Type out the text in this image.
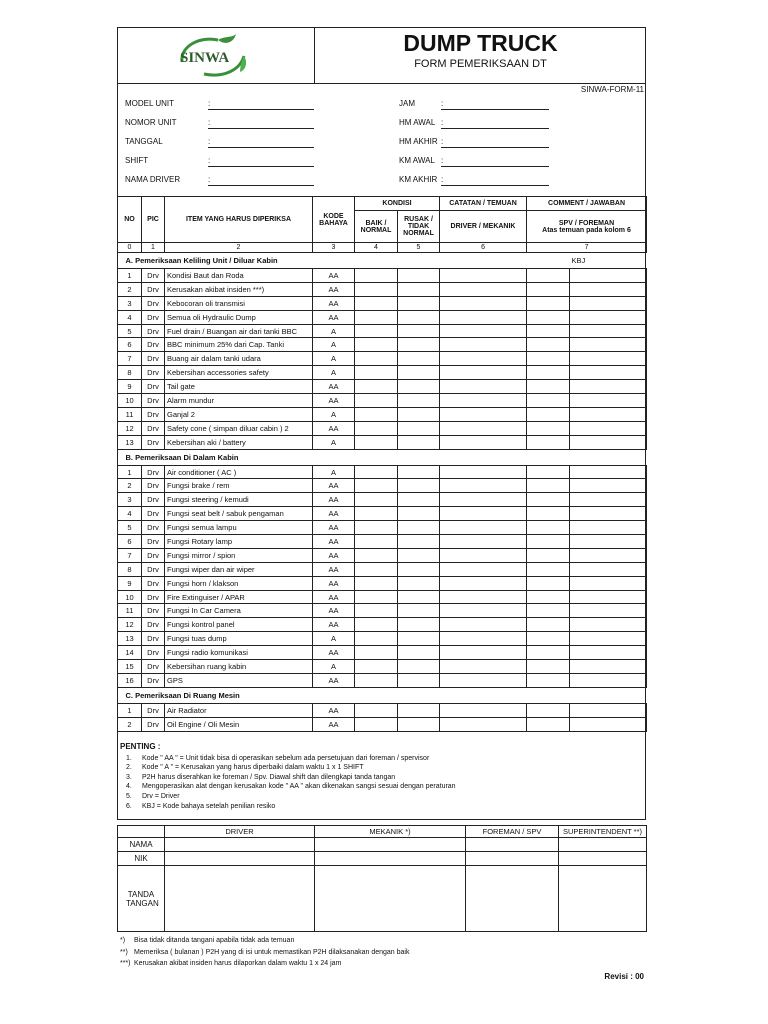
SINWA
DUMP TRUCK
FORM PEMERIKSAAN DT
SINWA-FORM-11
MODEL UNIT	:
NOMOR UNIT	:
TANGGAL	:
SHIFT	:
NAMA DRIVER	:
JAM	:
HM AWAL :
HM AKHIR :
KM AWAL :
KM AKHIR :
NO	PIC	ITEM YANG HARUS DIPERIKSA	KODE BAHAYA	KONDISI		CATATAN / TEMUAN	COMMENT / JAWABAN	
				BAIK / NORMAL	RUSAK / TIDAK NORMAL	DRIVER / MEKANIK	SPV / FOREMAN
Atas temuan pada kolom 6	

0	1	2	3	4	5	6	7	
A. Pemeriksaan Keliling Unit / Diluar Kabin								KBJ
1	Drv	Kondisi Baut dan Roda	AA					
2	Drv	Kerusakan akibat insiden ***)	AA					
3	Drv	Kebocoran oli transmisi	AA					
4	Drv	Semua oli Hydraulic Dump	AA					
5	Drv	Fuel drain / Buangan air dari tanki BBC	A					
6	Drv	BBC minimum 25% dari Cap. Tanki	A					
7	Drv	Buang air dalam tanki udara	A					
8	Drv	Kebersihan accessories safety	A					
9	Drv	Tail gate	AA					
10	Drv	Alarm mundur	AA					
11	Drv	Ganjal 2	A					
12	Drv	Safety cone ( simpan diluar cabin ) 2	AA					
13	Drv	Kebersihan aki / battery	A					
B. Pemeriksaan Di Dalam Kabin								
1	Drv	Air conditioner ( AC )	A					
2	Drv	Fungsi brake / rem	AA					
3	Drv	Fungsi steering / kemudi	AA					
4	Drv	Fungsi seat belt / sabuk pengaman	AA					
5	Drv	Fungsi semua lampu	AA					
6	Drv	Fungsi Rotary lamp	AA					
7	Drv	Fungsi mirror / spion	AA					
8	Drv	Fungsi wiper dan air wiper	AA					
9	Drv	Fungsi horn / klakson	AA					
10	Drv	Fire Extinguiser / APAR	AA					
11	Drv	Fungsi In Car Camera	AA					
12	Drv	Fungsi kontrol panel	AA					
13	Drv	Fungsi tuas dump	A					
14	Drv	Fungsi radio komunikasi	AA					
15	Drv	Kebersihan ruang kabin	A					
16	Drv	GPS	AA					
C. Pemeriksaan Di Ruang Mesin								
1	Drv	Air Radiator	AA					
2	Drv	Oil Engine / Oli Mesin	AA					
PENTING :
1.	Kode " AA " = Unit tidak bisa di operasikan sebelum ada persetujuan dari foreman / spervisor
2.	Kode " A " = Kerusakan yang harus diperbaiki dalam waktu 1 x 1 SHIFT
3.	P2H harus diserahkan ke foreman / Spv. Diawal shift dan dilengkapi tanda tangan
4.	Mengoperasikan alat dengan kerusakan kode " AA " akan dikenakan sangsi sesuai dengan peraturan
5.	Drv = Driver
6.	KBJ = Kode bahaya setelah penilian resiko
	DRIVER	MEKANIK *)	FOREMAN / SPV	SUPERINTENDENT **)
NAMA				
NIK				
TANDA TANGAN				
*)	Bisa tidak ditanda tangani apabila tidak ada temuan
**) Memeriksa ( bulanan ) P2H yang di isi untuk memastikan P2H dilaksanakan dengan baik
***) Kerusakan akibat insiden harus dilaporkan dalam waktu 1 x 24 jam
Revisi : 00
